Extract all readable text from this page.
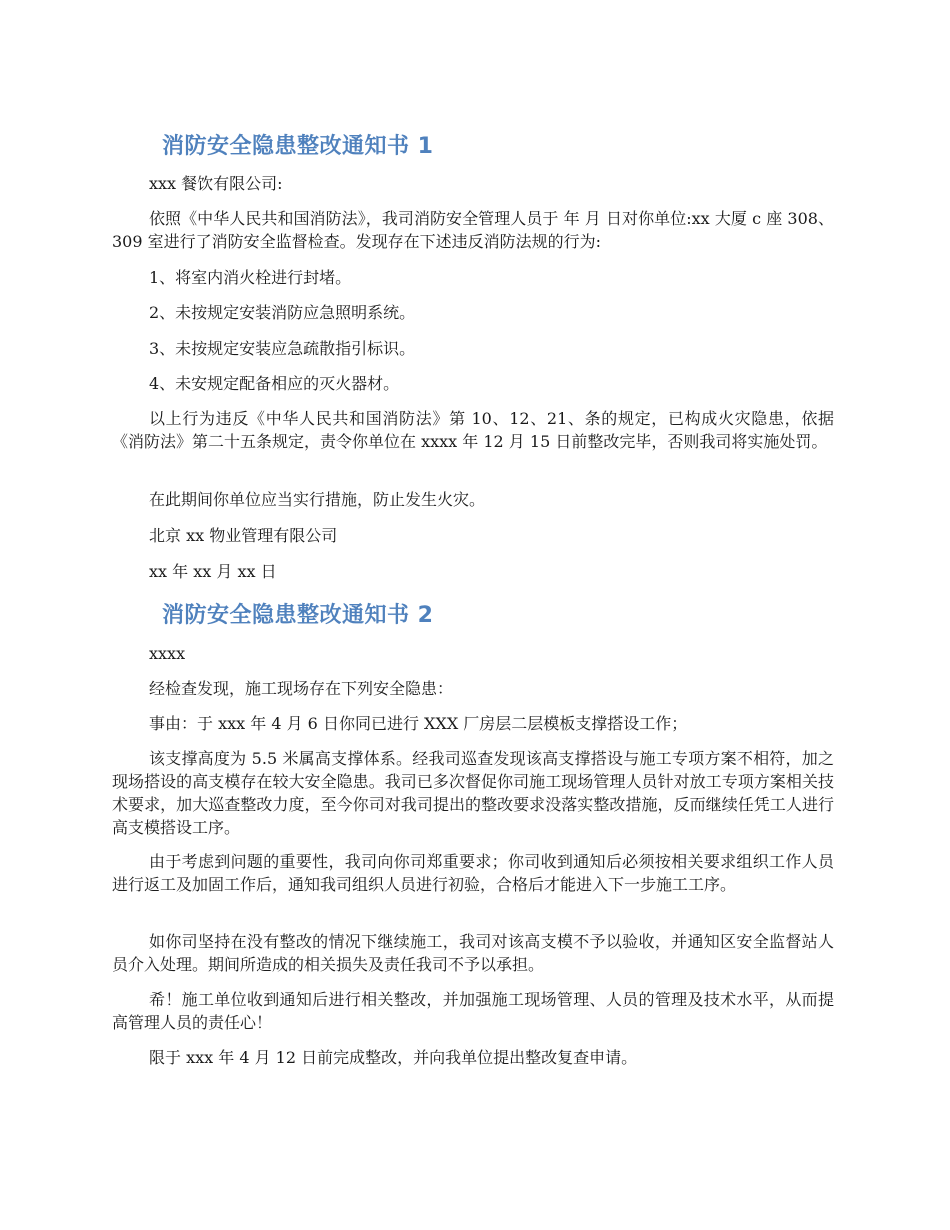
消防安全隐患整改通知书 1

xxx 餐饮有限公司:

依照《中华人民共和国消防法》，我司消防安全管理人员于 年 月 日对你单位:xx 大厦 c 座 308、309 室进行了消防安全监督检查。发现存在下述违反消防法规的行为:

1、将室内消火栓进行封堵。

2、未按规定安装消防应急照明系统。

3、未按规定安装应急疏散指引标识。

4、未安规定配备相应的灭火器材。

以上行为违反《中华人民共和国消防法》第 10、12、21、条的规定，已构成火灾隐患，依据《消防法》第二十五条规定，责令你单位在 xxxx 年 12 月 15 日前整改完毕，否则我司将实施处罚。

在此期间你单位应当实行措施，防止发生火灾。

北京 xx 物业管理有限公司

xx 年 xx 月 xx 日

消防安全隐患整改通知书 2

xxxx

经检查发现，施工现场存在下列安全隐患：

事由：于 xxx 年 4 月 6 日你同已进行 XXX 厂房层二层模板支撑搭设工作；

该支撑高度为 5.5 米属高支撑体系。经我司巡查发现该高支撑搭设与施工专项方案不相符，加之现场搭设的高支模存在较大安全隐患。我司已多次督促你司施工现场管理人员针对放工专项方案相关技术要求，加大巡查整改力度，至今你司对我司提出的整改要求没落实整改措施，反而继续任凭工人进行高支模搭设工序。

由于考虑到问题的重要性，我司向你司郑重要求；你司收到通知后必须按相关要求组织工作人员进行返工及加固工作后，通知我司组织人员进行初验，合格后才能进入下一步施工工序。

如你司坚持在没有整改的情况下继续施工，我司对该高支模不予以验收，并通知区安全监督站人员介入处理。期间所造成的相关损失及责任我司不予以承担。

希！施工单位收到通知后进行相关整改，并加强施工现场管理、人员的管理及技术水平，从而提高管理人员的责任心！

限于 xxx 年 4 月 12 日前完成整改，并向我单位提出整改复查申请。
